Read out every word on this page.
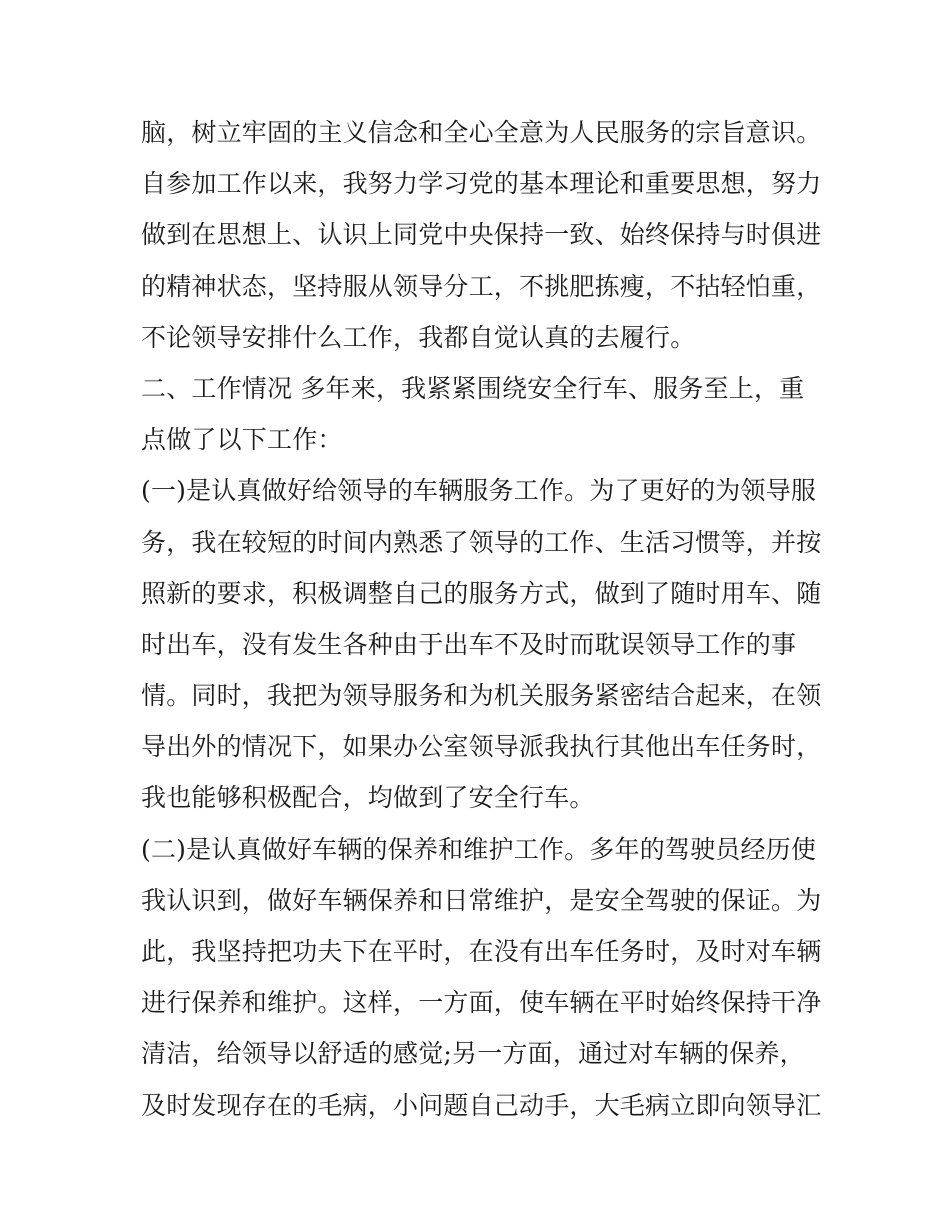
脑，树立牢固的主义信念和全心全意为人民服务的宗旨意识。
自参加工作以来，我努力学习党的基本理论和重要思想，努力
做到在思想上、认识上同党中央保持一致、始终保持与时俱进
的精神状态，坚持服从领导分工，不挑肥拣瘦，不拈轻怕重，
不论领导安排什么工作，我都自觉认真的去履行。
二、工作情况 多年来，我紧紧围绕安全行车、服务至上，重
点做了以下工作：
(一)是认真做好给领导的车辆服务工作。为了更好的为领导服
务，我在较短的时间内熟悉了领导的工作、生活习惯等，并按
照新的要求，积极调整自己的服务方式，做到了随时用车、随
时出车，没有发生各种由于出车不及时而耽误领导工作的事
情。同时，我把为领导服务和为机关服务紧密结合起来，在领
导出外的情况下，如果办公室领导派我执行其他出车任务时，
我也能够积极配合，均做到了安全行车。
(二)是认真做好车辆的保养和维护工作。多年的驾驶员经历使
我认识到，做好车辆保养和日常维护，是安全驾驶的保证。为
此，我坚持把功夫下在平时，在没有出车任务时，及时对车辆
进行保养和维护。这样，一方面，使车辆在平时始终保持干净
清洁，给领导以舒适的感觉;另一方面，通过对车辆的保养，
及时发现存在的毛病，小问题自己动手，大毛病立即向领导汇
